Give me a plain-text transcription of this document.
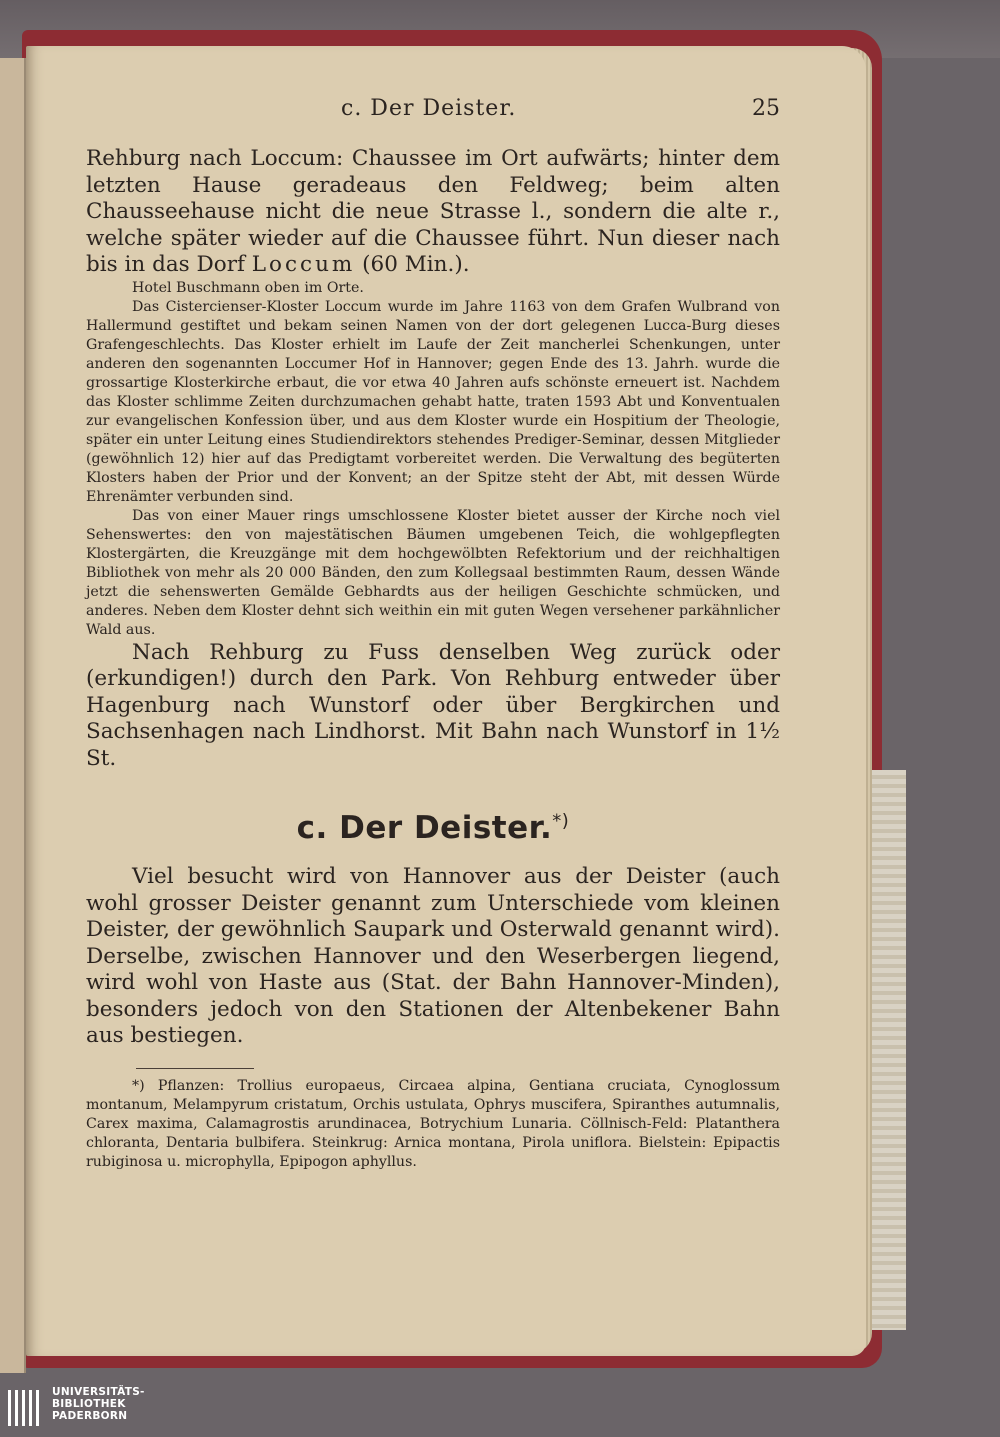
c. Der Deister.	25

Rehburg nach Loccum: Chaussee im Ort aufwärts; hinter dem letzten Hause geradeaus den Feldweg; beim alten Chausseehause nicht die neue Strasse l., sondern die alte r., welche später wieder auf die Chaussee führt. Nun dieser nach bis in das Dorf Loccum (60 Min.).

Hotel Buschmann oben im Orte.

Das Cistercienser-Kloster Loccum wurde im Jahre 1163 von dem Grafen Wulbrand von Hallermund gestiftet und bekam seinen Namen von der dort gelegenen Lucca-Burg dieses Grafengeschlechts. Das Kloster erhielt im Laufe der Zeit mancherlei Schenkungen, unter anderen den sogenannten Loccumer Hof in Hannover; gegen Ende des 13. Jahrh. wurde die grossartige Klosterkirche erbaut, die vor etwa 40 Jahren aufs schönste erneuert ist. Nachdem das Kloster schlimme Zeiten durchzumachen gehabt hatte, traten 1593 Abt und Konventualen zur evangelischen Konfession über, und aus dem Kloster wurde ein Hospitium der Theologie, später ein unter Leitung eines Studiendirektors stehendes Prediger-Seminar, dessen Mitglieder (gewöhnlich 12) hier auf das Predigtamt vorbereitet werden. Die Verwaltung des begüterten Klosters haben der Prior und der Konvent; an der Spitze steht der Abt, mit dessen Würde Ehrenämter verbunden sind.

Das von einer Mauer rings umschlossene Kloster bietet ausser der Kirche noch viel Sehenswertes: den von majestätischen Bäumen umgebenen Teich, die wohlgepflegten Klostergärten, die Kreuzgänge mit dem hochgewölbten Refektorium und der reichhaltigen Bibliothek von mehr als 20 000 Bänden, den zum Kollegsaal bestimmten Raum, dessen Wände jetzt die sehenswerten Gemälde Gebhardts aus der heiligen Geschichte schmücken, und anderes. Neben dem Kloster dehnt sich weithin ein mit guten Wegen versehener parkähnlicher Wald aus.

Nach Rehburg zu Fuss denselben Weg zurück oder (erkundigen!) durch den Park. Von Rehburg entweder über Hagenburg nach Wunstorf oder über Bergkirchen und Sachsenhagen nach Lindhorst. Mit Bahn nach Wunstorf in 1½ St.

c. Der Deister.*)

Viel besucht wird von Hannover aus der Deister (auch wohl grosser Deister genannt zum Unterschiede vom kleinen Deister, der gewöhnlich Saupark und Osterwald genannt wird). Derselbe, zwischen Hannover und den Weserbergen liegend, wird wohl von Haste aus (Stat. der Bahn Hannover-Minden), besonders jedoch von den Stationen der Altenbekener Bahn aus bestiegen.

*) Pflanzen: Trollius europaeus, Circaea alpina, Gentiana cruciata, Cynoglossum montanum, Melampyrum cristatum, Orchis ustulata, Ophrys muscifera, Spiranthes autumnalis, Carex maxima, Calamagrostis arundinacea, Botrychium Lunaria. Cöllnisch-Feld: Platanthera chloranta, Dentaria bulbifera. Steinkrug: Arnica montana, Pirola uniflora. Bielstein: Epipactis rubiginosa u. microphylla, Epipogon aphyllus.

UNIVERSITÄTS-
BIBLIOTHEK
PADERBORN
